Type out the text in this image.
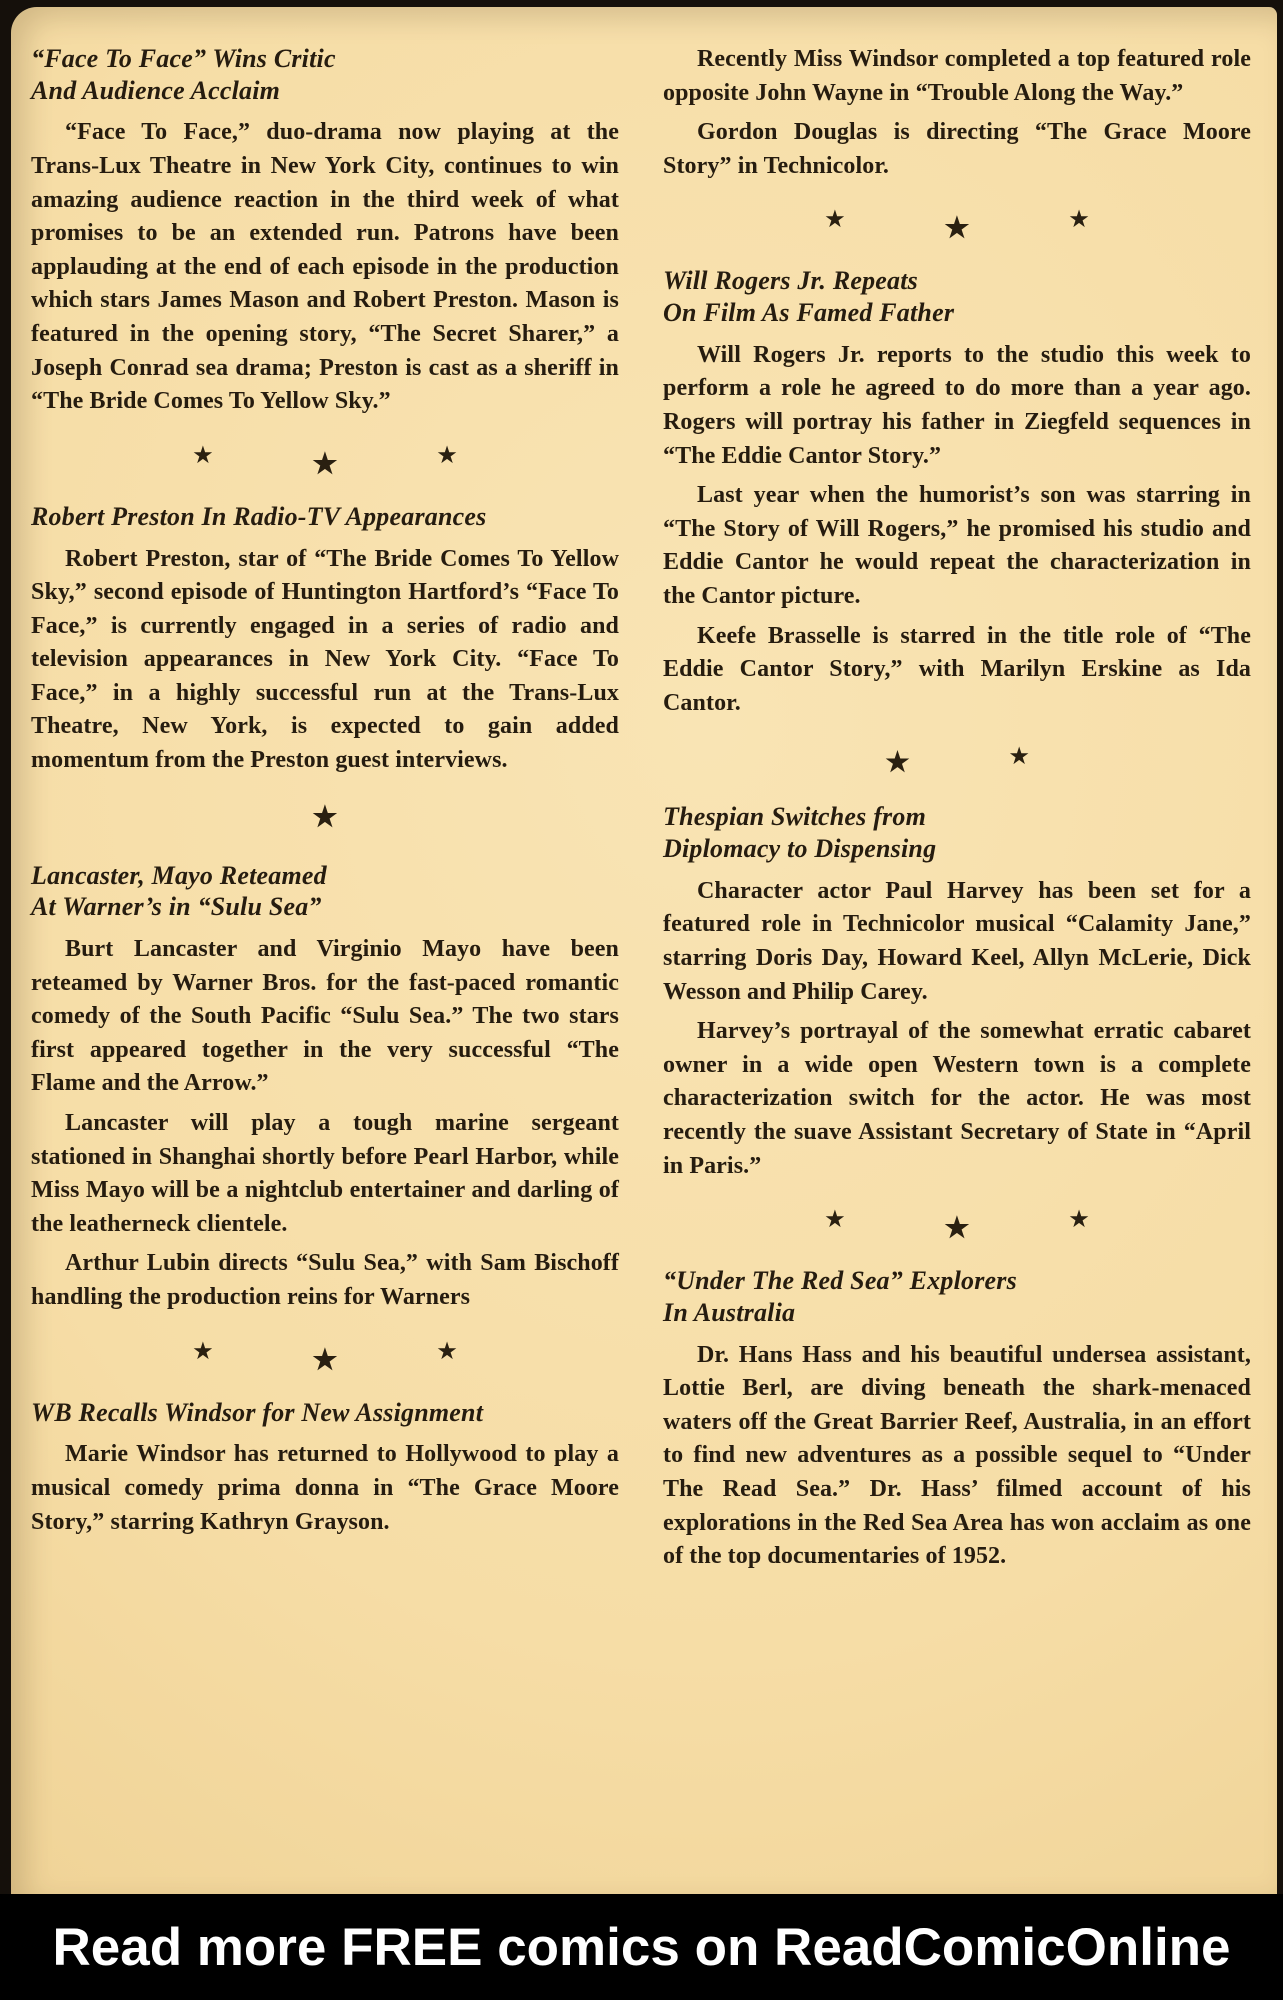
“Face To Face” Wins Critic
And Audience Acclaim

“Face To Face,” duo-drama now playing at the Trans-Lux Theatre in New York City, continues to win amazing audience reaction in the third week of what promises to be an extended run. Patrons have been applauding at the end of each episode in the production which stars James Mason and Robert Preston. Mason is featured in the opening story, “The Secret Sharer,” a Joseph Conrad sea drama; Preston is cast as a sheriff in “The Bride Comes To Yellow Sky.”

★	★	★
Robert Preston In Radio-TV Appearances

Robert Preston, star of “The Bride Comes To Yellow Sky,” second episode of Huntington Hartford’s “Face To Face,” is currently engaged in a series of radio and television appearances in New York City. “Face To Face,” in a highly successful run at the Trans-Lux Theatre, New York, is expected to gain added momentum from the Preston guest interviews.

★
Lancaster, Mayo Reteamed
At Warner’s in “Sulu Sea”

Burt Lancaster and Virginio Mayo have been reteamed by Warner Bros. for the fast-paced romantic comedy of the South Pacific “Sulu Sea.” The two stars first appeared together in the very successful “The Flame and the Arrow.”

Lancaster will play a tough marine sergeant stationed in Shanghai shortly before Pearl Harbor, while Miss Mayo will be a nightclub entertainer and darling of the leatherneck clientele.

Arthur Lubin directs “Sulu Sea,” with Sam Bischoff handling the production reins for Warners

★	★	★
WB Recalls Windsor for New Assignment

Marie Windsor has returned to Hollywood to play a musical comedy prima donna in “The Grace Moore Story,” starring Kathryn Grayson.

Recently Miss Windsor completed a top featured role opposite John Wayne in “Trouble Along the Way.”

Gordon Douglas is directing “The Grace Moore Story” in Technicolor.

★	★	★
Will Rogers Jr. Repeats
On Film As Famed Father

Will Rogers Jr. reports to the studio this week to perform a role he agreed to do more than a year ago. Rogers will portray his father in Ziegfeld sequences in “The Eddie Cantor Story.”

Last year when the humorist’s son was starring in “The Story of Will Rogers,” he promised his studio and Eddie Cantor he would repeat the characterization in the Cantor picture.

Keefe Brasselle is starred in the title role of “The Eddie Cantor Story,” with Marilyn Erskine as Ida Cantor.

★	★
Thespian Switches from
Diplomacy to Dispensing

Character actor Paul Harvey has been set for a featured role in Technicolor musical “Calamity Jane,” starring Doris Day, Howard Keel, Allyn McLerie, Dick Wesson and Philip Carey.

Harvey’s portrayal of the somewhat erratic cabaret owner in a wide open Western town is a complete characterization switch for the actor. He was most recently the suave Assistant Secretary of State in “April in Paris.”

★	★	★
“Under The Red Sea” Explorers
In Australia

Dr. Hans Hass and his beautiful undersea assistant, Lottie Berl, are diving beneath the shark-menaced waters off the Great Barrier Reef, Australia, in an effort to find new adventures as a possible sequel to “Under The Read Sea.” Dr. Hass’ filmed account of his explorations in the Red Sea Area has won acclaim as one of the top documentaries of 1952.

Read more FREE comics on ReadComicOnline
